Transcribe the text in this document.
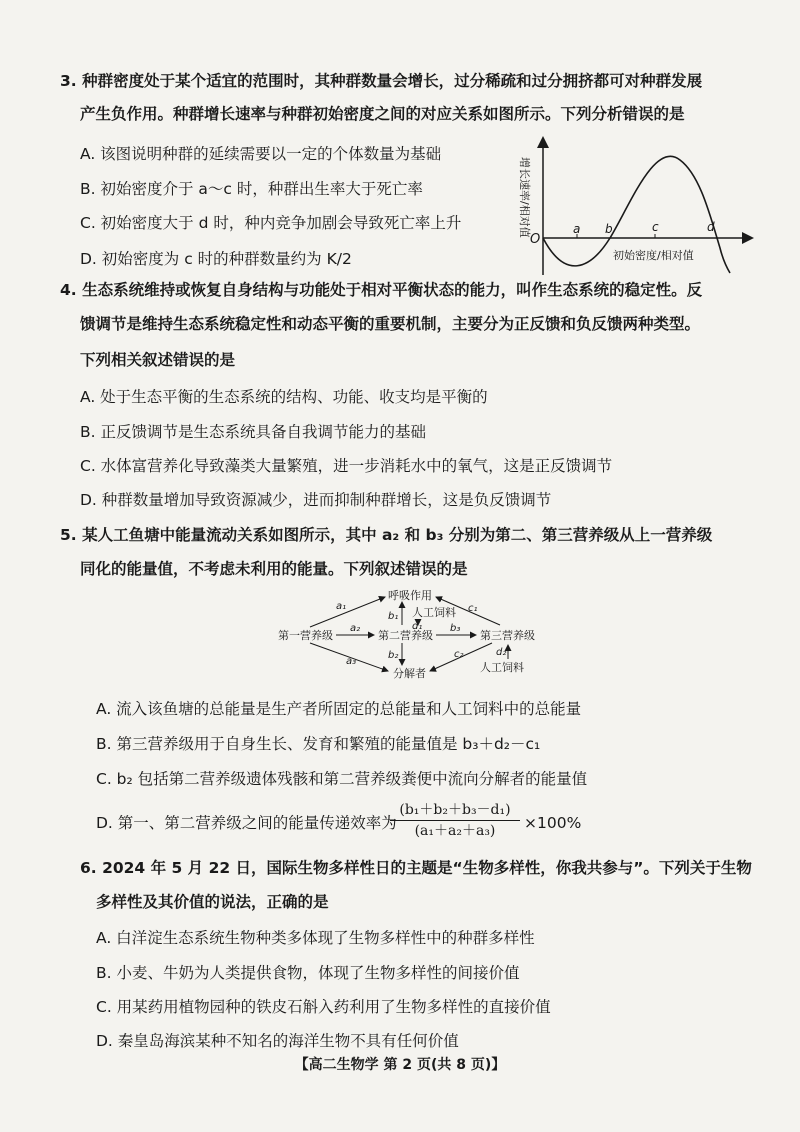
3. 种群密度处于某个适宜的范围时，其种群数量会增长，过分稀疏和过分拥挤都可对种群发展
产生负作用。种群增长速率与种群初始密度之间的对应关系如图所示。下列分析错误的是
A. 该图说明种群的延续需要以一定的个体数量为基础
B. 初始密度介于 a～c 时，种群出生率大于死亡率
C. 初始密度大于 d 时，种内竞争加剧会导致死亡率上升
D. 初始密度为 c 时的种群数量约为 K/2
增长速率/相对值
O
a b	c	d
初始密度/相对值
4. 生态系统维持或恢复自身结构与功能处于相对平衡状态的能力，叫作生态系统的稳定性。反
馈调节是维持生态系统稳定性和动态平衡的重要机制，主要分为正反馈和负反馈两种类型。
下列相关叙述错误的是
A. 处于生态平衡的生态系统的结构、功能、收支均是平衡的
B. 正反馈调节是生态系统具备自我调节能力的基础
C. 水体富营养化导致藻类大量繁殖，进一步消耗水中的氧气，这是正反馈调节
D. 种群数量增加导致资源减少，进而抑制种群增长，这是负反馈调节
5. 某人工鱼塘中能量流动关系如图所示，其中 a₂ 和 b₃ 分别为第二、第三营养级从上一营养级
同化的能量值，不考虑未利用的能量。下列叙述错误的是
呼吸作用
第一营养级	第二营养级	第三营养级
分解者
人工饲料
人工饲料
a₁
a₂
a₃
b₁
d₁
b₂
b₃
c₁
c₂	d₂
A. 流入该鱼塘的总能量是生产者所固定的总能量和人工饲料中的总能量
B. 第三营养级用于自身生长、发育和繁殖的能量值是 b₃＋d₂－c₁
C. b₂ 包括第二营养级遗体残骸和第二营养级粪便中流向分解者的能量值
D. 第一、第二营养级之间的能量传递效率为
(b₁＋b₂＋b₃－d₁)
(a₁＋a₂＋a₃)	×100%
6. 2024 年 5 月 22 日，国际生物多样性日的主题是“生物多样性，你我共参与”。下列关于生物
多样性及其价值的说法，正确的是
A. 白洋淀生态系统生物种类多体现了生物多样性中的种群多样性
B. 小麦、牛奶为人类提供食物，体现了生物多样性的间接价值
C. 用某药用植物园种的铁皮石斛入药利用了生物多样性的直接价值
D. 秦皇岛海滨某种不知名的海洋生物不具有任何价值
【高二生物学 第 2 页(共 8 页)】
